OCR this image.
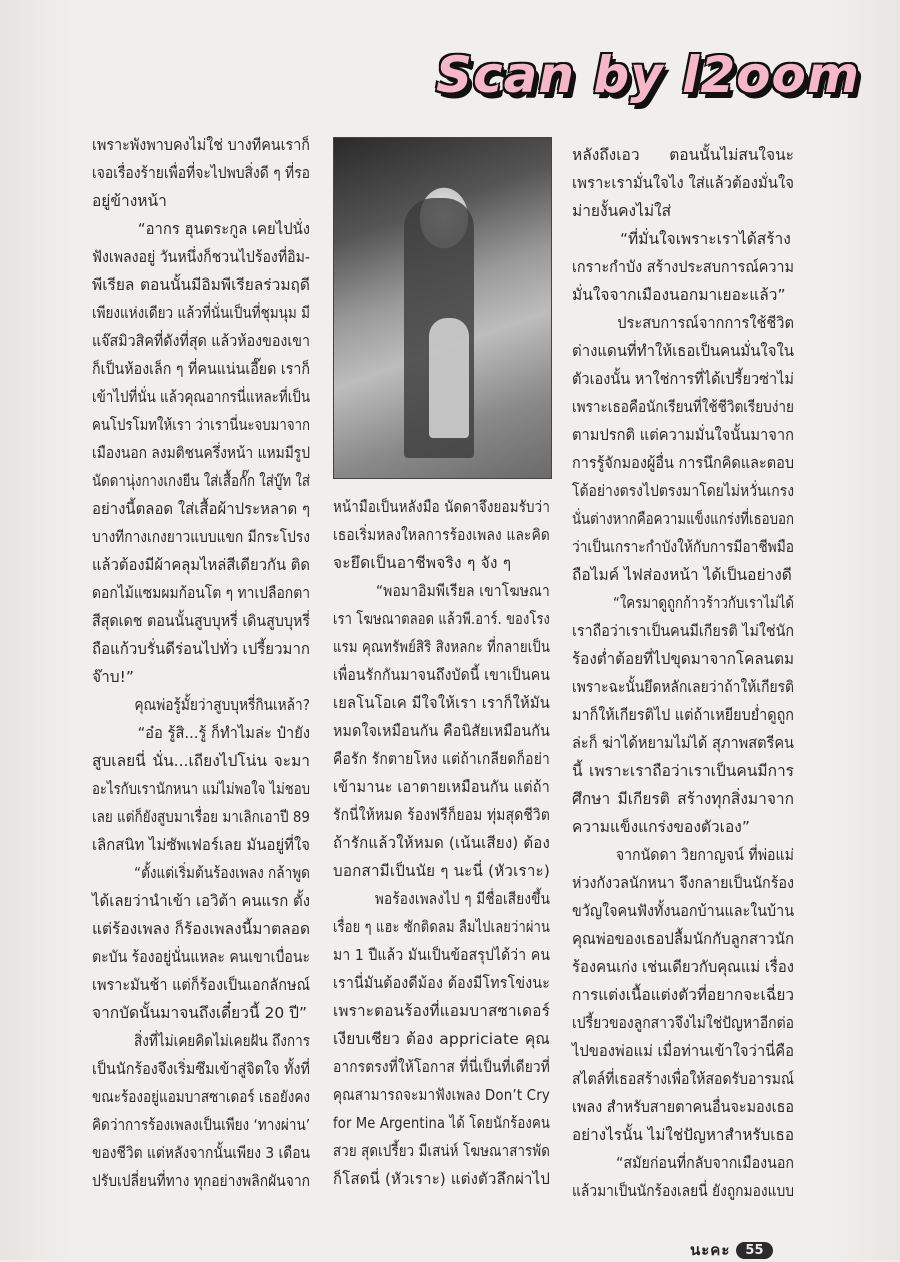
Scan by l2oom
เพราะพังพาบคงไม่ใช่ บางทีคนเราก็
เจอเรื่องร้ายเพื่อที่จะไปพบสิ่งดี ๆ ที่รอ
อยู่ข้างหน้า
“อากร ฮุนตระกูล เคยไปนั่ง
ฟังเพลงอยู่ วันหนึ่งก็ชวนไปร้องที่อิม-
พีเรียล ตอนนั้นมีอิมพีเรียลร่วมฤดี
เพียงแห่งเดียว แล้วที่นั่นเป็นที่ชุมนุม มี
แจ๊สมิวสิคที่ดังที่สุด แล้วห้องของเขา
ก็เป็นห้องเล็ก ๆ ที่คนแน่นเอี๊ยด เราก็
เข้าไปที่นั่น แล้วคุณอากรนี่แหละที่เป็น
คนโปรโมทให้เรา ว่าเรานี่นะจบมาจาก
เมืองนอก ลงมติชนครึ่งหน้า แหมมีรูป
นัดดานุ่งกางเกงยีน ใส่เสื้อกั๊ก ใส่บู๊ท ใส่
อย่างนี้ตลอด ใส่เสื้อผ้าประหลาด ๆ
บางทีกางเกงยาวแบบแขก มีกระโปรง
แล้วต้องมีผ้าคลุมไหล่สีเดียวกัน ติด
ดอกไม้แซมผมก้อนโต ๆ ทาเปลือกตา
สีสุดเดช ตอนนั้นสูบบุหรี่ เดินสูบบุหรี่
ถือแก้วบรั่นดีร่อนไปทั่ว เปรี้ยวมาก
จ๊าบ!”
คุณพ่อรู้มั้ยว่าสูบบุหรี่กินเหล้า?
“อ๋อ รู้สิ...รู้ ก็ทำไมล่ะ ป๋ายัง
สูบเลยนี่ นั่น...เถียงไปโน่น จะมา
อะไรกับเรานักหนา แม่ไม่พอใจ ไม่ชอบ
เลย แต่ก็ยังสูบมาเรื่อย มาเลิกเอาปี 89
เลิกสนิท ไม่ซัพเฟอร์เลย มันอยู่ที่ใจ
“ตั้งแต่เริ่มต้นร้องเพลง กล้าพูด
ได้เลยว่านำเข้า เอวิต้า คนแรก ตั้ง
แต่ร้องเพลง ก็ร้องเพลงนี้มาตลอด
ตะบัน ร้องอยู่นั่นแหละ คนเขาเบื่อนะ
เพราะมันช้า แต่ก็ร้องเป็นเอกลักษณ์
จากบัดนั้นมาจนถึงเดี๋ยวนี้ 20 ปี”
สิ่งที่ไม่เคยคิดไม่เคยฝัน ถึงการ
เป็นนักร้องจึงเริ่มซึมเข้าสู่จิตใจ ทั้งที่
ขณะร้องอยู่แอมบาสซาเดอร์ เธอยังคง
คิดว่าการร้องเพลงเป็นเพียง ‘ทางผ่าน’
ของชีวิต แต่หลังจากนั้นเพียง 3 เดือน
ปรับเปลี่ยนที่ทาง ทุกอย่างพลิกผันจาก
หน้ามือเป็นหลังมือ นัดดาจึงยอมรับว่า
เธอเริ่มหลงใหลการร้องเพลง และคิด
จะยึดเป็นอาชีพจริง ๆ จัง ๆ
“พอมาอิมพีเรียล เขาโฆษณา
เรา โฆษณาตลอด แล้วพี.อาร์. ของโรง
แรม คุณทรัพย์สิริ สิงหลกะ ที่กลายเป็น
เพื่อนรักกันมาจนถึงบัดนี้ เขาเป็นคน
เยลโนโอเค มีใจให้เรา เราก็ให้มัน
หมดใจเหมือนกัน คือนิสัยเหมือนกัน
คือรัก รักตายโหง แต่ถ้าเกลียดก็อย่า
เข้ามานะ เอาตายเหมือนกัน แต่ถ้า
รักนี่ให้หมด ร้องฟรีก็ยอม ทุ่มสุดชีวิต
ถ้ารักแล้วให้หมด (เน้นเสียง) ต้อง
บอกสามีเป็นนัย ๆ นะนี่ (หัวเราะ)
พอร้องเพลงไป ๆ มีชื่อเสียงขึ้น
เรื่อย ๆ แฮะ ซักติดลม ลืมไปเลยว่าผ่าน
มา 1 ปีแล้ว มันเป็นข้อสรุปได้ว่า คน
เรานี่มันต้องดีม้อง ต้องมีโทรโข่งนะ
เพราะตอนร้องที่แอมบาสซาเดอร์
เงียบเชียว ต้อง appriciate คุณ
อากรตรงที่ให้โอกาส ที่นี่เป็นที่เดียวที่
คุณสามารถจะมาฟังเพลง Don’t Cry
for Me Argentina ได้ โดยนักร้องคน
สวย สุดเปรี้ยว มีเสน่ห์ โฆษณาสารพัด
ก็โสดนี่ (หัวเราะ) แต่งตัวลึกผ่าไป
หลังถึงเอว ตอนนั้นไม่สนใจนะ
เพราะเรามั่นใจไง ใส่แล้วต้องมั่นใจ
ม่ายงั้นคงไม่ใส่
“ที่มั่นใจเพราะเราได้สร้าง
เกราะกำบัง สร้างประสบการณ์ความ
มั่นใจจากเมืองนอกมาเยอะแล้ว”
ประสบการณ์จากการใช้ชีวิต
ต่างแดนที่ทำให้เธอเป็นคนมั่นใจใน
ตัวเองนั้น หาใช่การที่ได้เปรี้ยวซ่าไม่
เพราะเธอคือนักเรียนที่ใช้ชีวิตเรียบง่าย
ตามปรกติ แต่ความมั่นใจนั้นมาจาก
การรู้จักมองผู้อื่น การนึกคิดและตอบ
โต้อย่างตรงไปตรงมาโดยไม่หวั่นเกรง
นั่นต่างหากคือความแข็งแกร่งที่เธอบอก
ว่าเป็นเกราะกำบังให้กับการมีอาชีพมือ
ถือไมค์ ไฟส่องหน้า ได้เป็นอย่างดี
“ใครมาดูถูกก้าวร้าวกับเราไม่ได้
เราถือว่าเราเป็นคนมีเกียรติ ไม่ใช่นัก
ร้องต่ำต้อยที่ไปขุดมาจากโคลนตม
เพราะฉะนั้นยึดหลักเลยว่าถ้าให้เกียรติ
มาก็ให้เกียรติไป แต่ถ้าเหยียบย่ำดูถูก
ล่ะก็ ฆ่าได้หยามไม่ได้ สุภาพสตรีคน
นี้ เพราะเราถือว่าเราเป็นคนมีการ
ศึกษา มีเกียรติ สร้างทุกสิ่งมาจาก
ความแข็งแกร่งของตัวเอง”
จากนัดดา วิยกาญจน์ ที่พ่อแม่
ห่วงกังวลนักหนา จึงกลายเป็นนักร้อง
ขวัญใจคนฟังทั้งนอกบ้านและในบ้าน
คุณพ่อของเธอปลื้มนักกับลูกสาวนัก
ร้องคนเก่ง เช่นเดียวกับคุณแม่ เรื่อง
การแต่งเนื้อแต่งตัวที่อยากจะเฉี่ยว
เปรี้ยวของลูกสาวจึงไม่ใช่ปัญหาอีกต่อ
ไปของพ่อแม่ เมื่อท่านเข้าใจว่านี่คือ
สไตล์ที่เธอสร้างเพื่อให้สอดรับอารมณ์
เพลง สำหรับสายตาคนอื่นจะมองเธอ
อย่างไรนั้น ไม่ใช่ปัญหาสำหรับเธอ
“สมัยก่อนที่กลับจากเมืองนอก
แล้วมาเป็นนักร้องเลยนี่ ยังถูกมองแบบ
นะคะ	55
